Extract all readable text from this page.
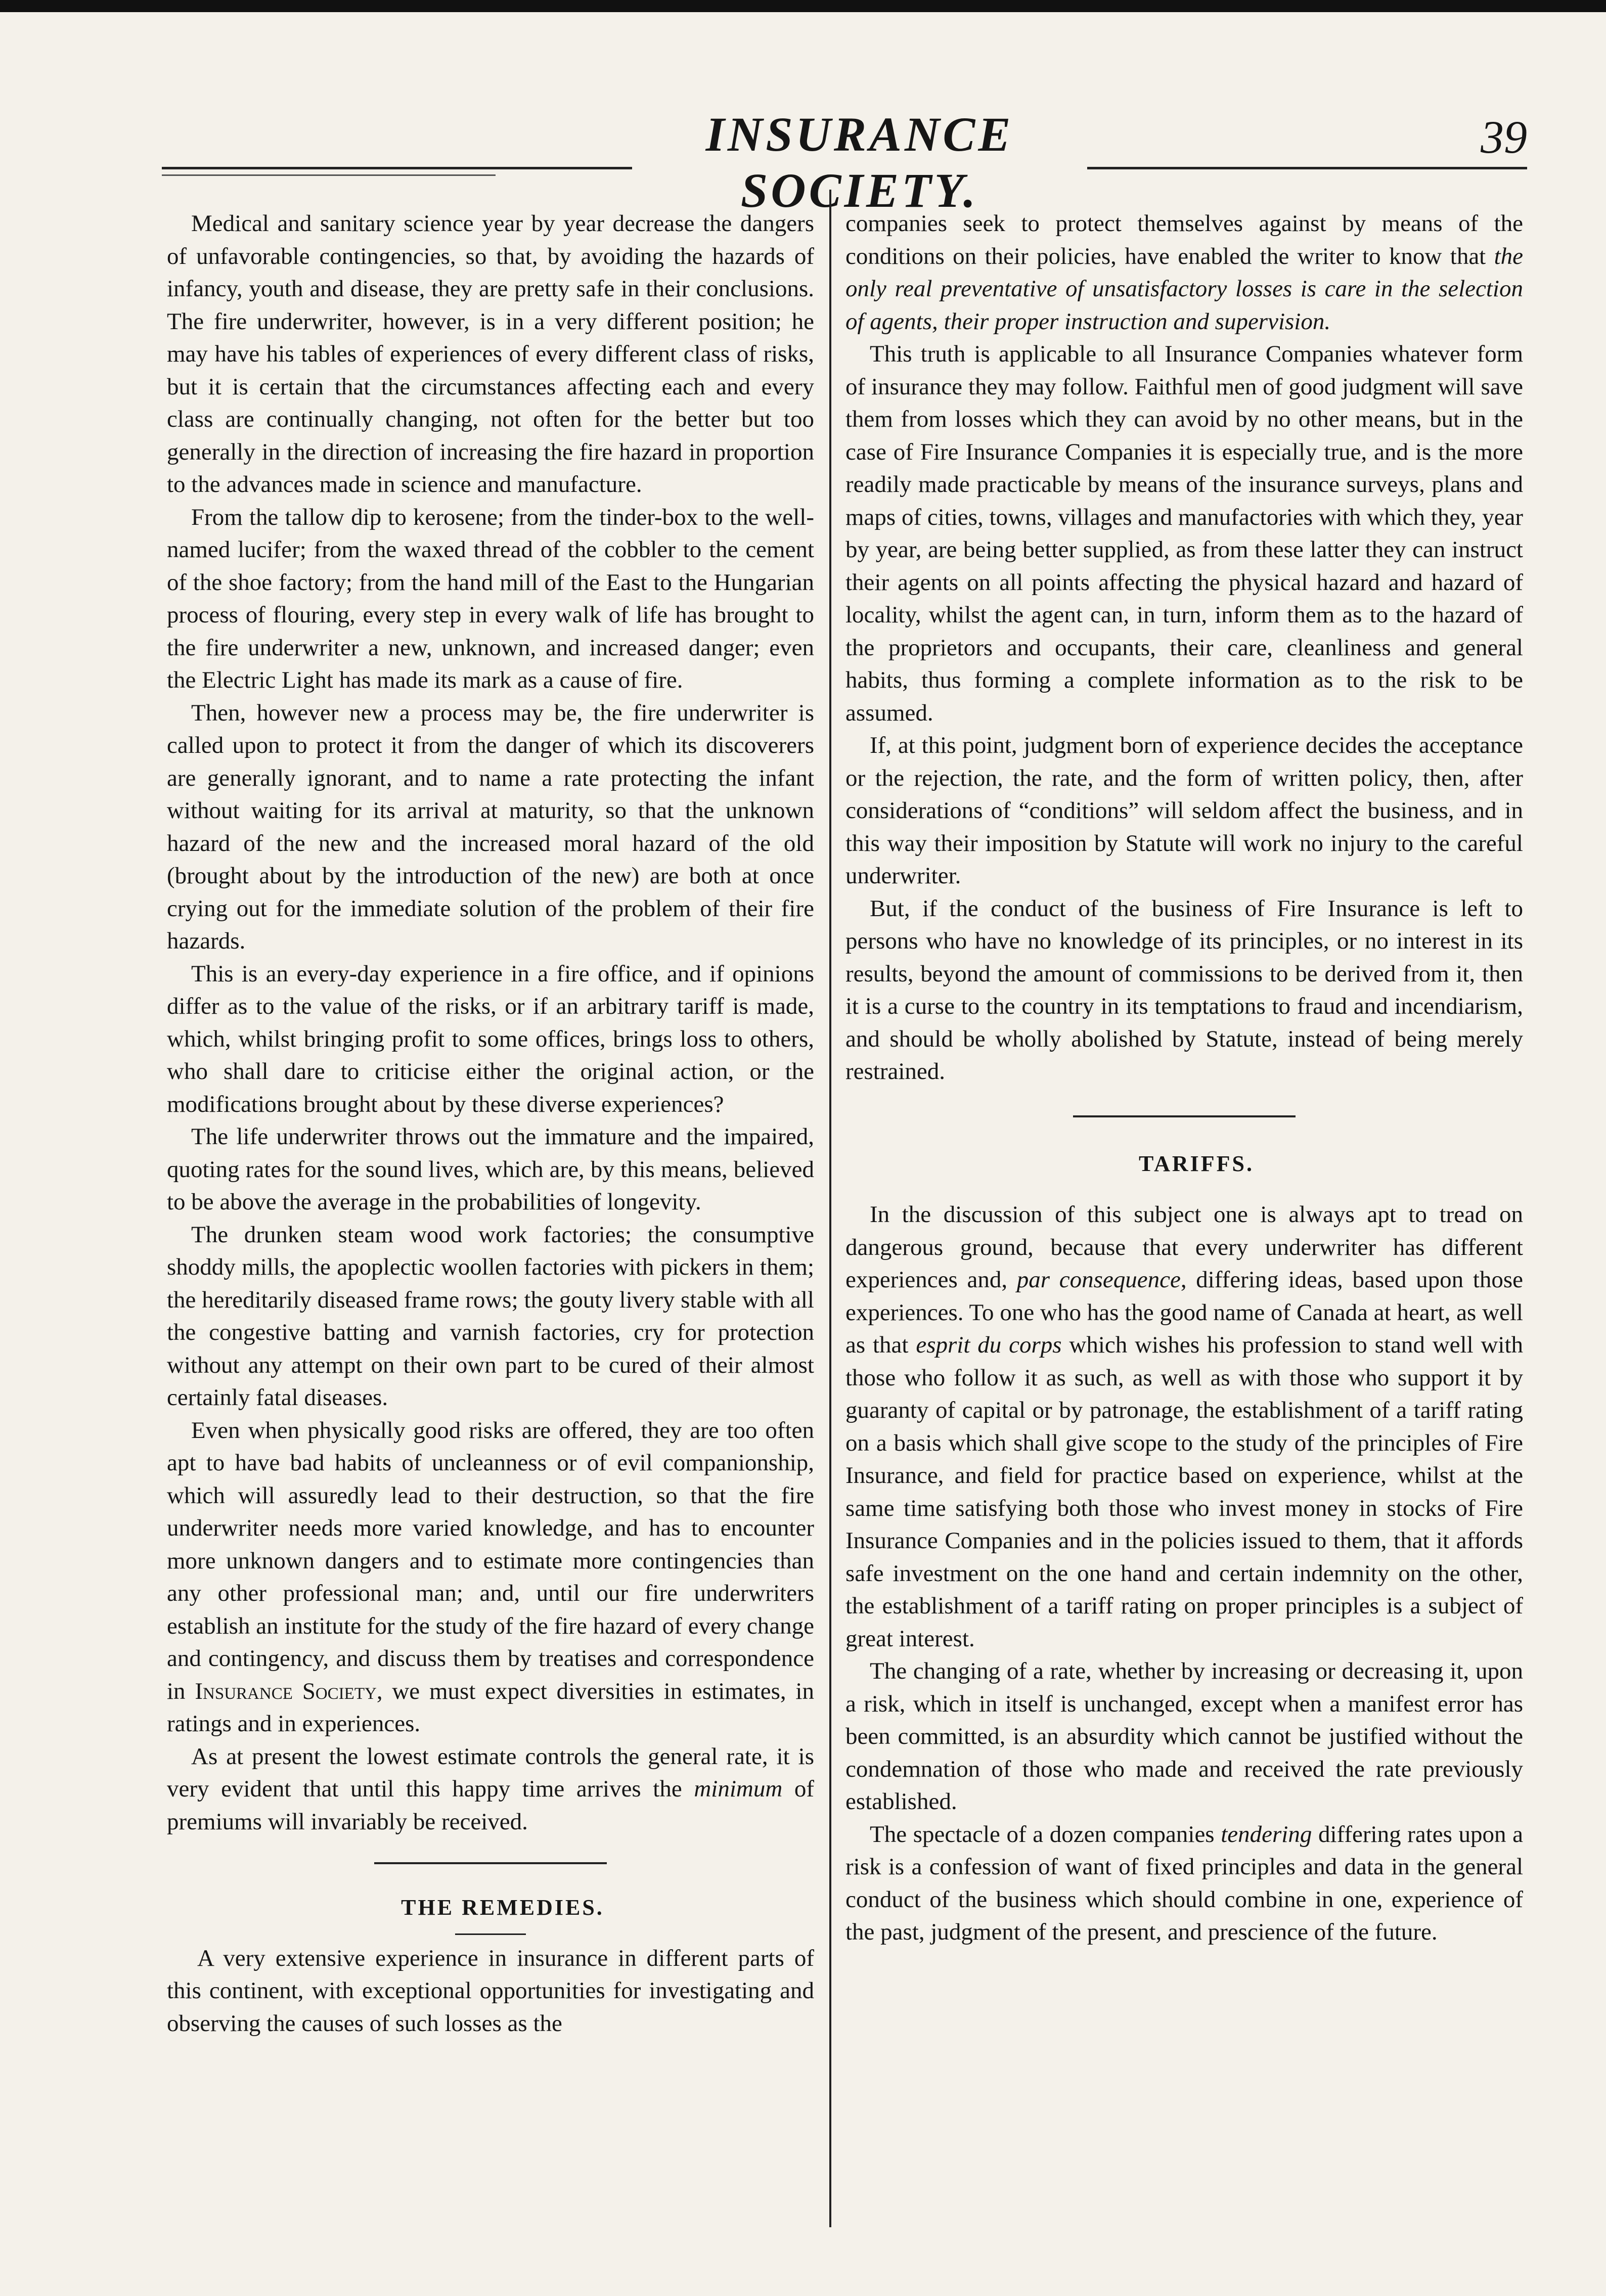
INSURANCE SOCIETY.
39

Medical and sanitary science year by year decrease the dangers of unfavorable contingencies, so that, by avoiding the hazards of infancy, youth and disease, they are pretty safe in their conclusions. The fire underwriter, however, is in a very different position; he may have his tables of experiences of every different class of risks, but it is certain that the circumstances affecting each and every class are continually changing, not often for the better but too generally in the direction of increasing the fire hazard in proportion to the advances made in science and manufacture.

From the tallow dip to kerosene; from the tinder-box to the well-named lucifer; from the waxed thread of the cobbler to the cement of the shoe factory; from the hand mill of the East to the Hungarian process of flouring, every step in every walk of life has brought to the fire underwriter a new, unknown, and increased danger; even the Electric Light has made its mark as a cause of fire.

Then, however new a process may be, the fire underwriter is called upon to protect it from the danger of which its discoverers are generally ignorant, and to name a rate protecting the infant without waiting for its arrival at maturity, so that the unknown hazard of the new and the increased moral hazard of the old (brought about by the introduction of the new) are both at once crying out for the immediate solution of the problem of their fire hazards.

This is an every-day experience in a fire office, and if opinions differ as to the value of the risks, or if an arbitrary tariff is made, which, whilst bringing profit to some offices, brings loss to others, who shall dare to criticise either the original action, or the modifications brought about by these diverse experiences?

The life underwriter throws out the immature and the impaired, quoting rates for the sound lives, which are, by this means, believed to be above the average in the probabilities of longevity.

The drunken steam wood work factories; the consumptive shoddy mills, the apoplectic woollen factories with pickers in them; the hereditarily diseased frame rows; the gouty livery stable with all the congestive batting and varnish factories, cry for protection without any attempt on their own part to be cured of their almost certainly fatal diseases.

Even when physically good risks are offered, they are too often apt to have bad habits of uncleanness or of evil companionship, which will assuredly lead to their destruction, so that the fire underwriter needs more varied knowledge, and has to encounter more unknown dangers and to estimate more contingencies than any other professional man; and, until our fire underwriters establish an institute for the study of the fire hazard of every change and contingency, and discuss them by treatises and correspondence in Insurance Society, we must expect diversities in estimates, in ratings and in experiences.

As at present the lowest estimate controls the general rate, it is very evident that until this happy time arrives the minimum of premiums will invariably be received.

THE REMEDIES.

A very extensive experience in insurance in different parts of this continent, with exceptional opportunities for investigating and observing the causes of such losses as the

companies seek to protect themselves against by means of the conditions on their policies, have enabled the writer to know that the only real preventative of unsatisfactory losses is care in the selection of agents, their proper instruction and supervision.

This truth is applicable to all Insurance Companies whatever form of insurance they may follow. Faithful men of good judgment will save them from losses which they can avoid by no other means, but in the case of Fire Insurance Companies it is especially true, and is the more readily made practicable by means of the insurance surveys, plans and maps of cities, towns, villages and manufactories with which they, year by year, are being better supplied, as from these latter they can instruct their agents on all points affecting the physical hazard and hazard of locality, whilst the agent can, in turn, inform them as to the hazard of the proprietors and occupants, their care, cleanliness and general habits, thus forming a complete information as to the risk to be assumed.

If, at this point, judgment born of experience decides the acceptance or the rejection, the rate, and the form of written policy, then, after considerations of “conditions” will seldom affect the business, and in this way their imposition by Statute will work no injury to the careful underwriter.

But, if the conduct of the business of Fire Insurance is left to persons who have no knowledge of its principles, or no interest in its results, beyond the amount of commissions to be derived from it, then it is a curse to the country in its temptations to fraud and incendiarism, and should be wholly abolished by Statute, instead of being merely restrained.

TARIFFS.

In the discussion of this subject one is always apt to tread on dangerous ground, because that every underwriter has different experiences and, par consequence, differing ideas, based upon those experiences. To one who has the good name of Canada at heart, as well as that esprit du corps which wishes his profession to stand well with those who follow it as such, as well as with those who support it by guaranty of capital or by patronage, the establishment of a tariff rating on a basis which shall give scope to the study of the principles of Fire Insurance, and field for practice based on experience, whilst at the same time satisfying both those who invest money in stocks of Fire Insurance Companies and in the policies issued to them, that it affords safe investment on the one hand and certain indemnity on the other, the establishment of a tariff rating on proper principles is a subject of great interest.

The changing of a rate, whether by increasing or decreasing it, upon a risk, which in itself is unchanged, except when a manifest error has been committed, is an absurdity which cannot be justified without the condemnation of those who made and received the rate previously established.

The spectacle of a dozen companies tendering differing rates upon a risk is a confession of want of fixed principles and data in the general conduct of the business which should combine in one, experience of the past, judgment of the present, and prescience of the future.
